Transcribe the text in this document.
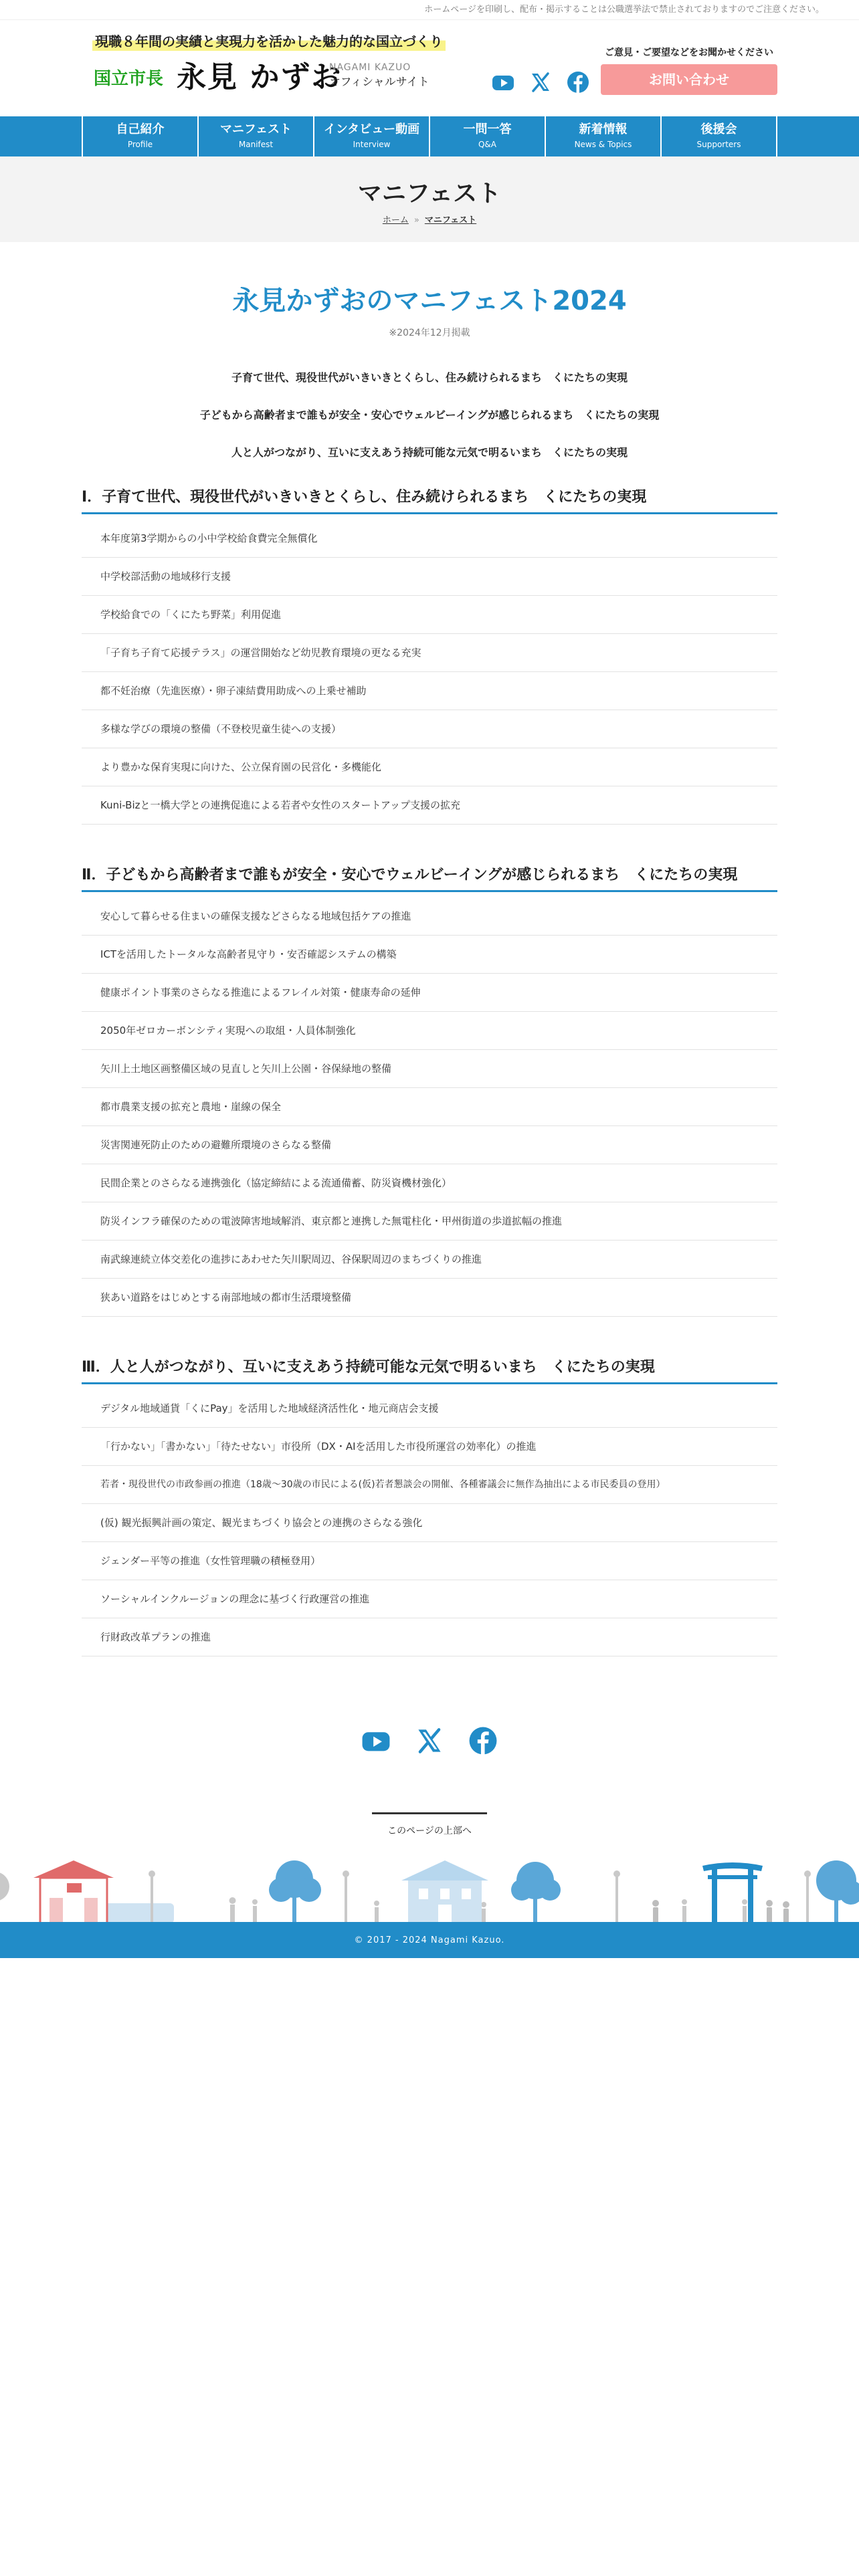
ホームページを印刷し、配布・掲示することは公職選挙法で禁止されておりますのでご注意ください。
現職８年間の実績と実現力を活かした魅力的な国立づくり
国立市長 永見 かずお
NAGAMI KAZUO
オフィシャルサイト
ご意見・ご要望などをお聞かせください
お問い合わせ
自己紹介
Profile
マニフェスト
Manifest
インタビュー動画
Interview
一問一答
Q&A
新着情報
News & Topics
後援会
Supporters
マニフェスト
ホーム » マニフェスト
永見かずおのマニフェスト2024
※2024年12月掲載

子育て世代、現役世代がいきいきとくらし、住み続けられるまち　くにたちの実現

子どもから高齢者まで誰もが安全・安心でウェルビーイングが感じられるまち　くにたちの実現

人と人がつながり、互いに支えあう持続可能な元気で明るいまち　くにたちの実現

Ⅰ．子育て世代、現役世代がいきいきとくらし、住み続けられるまち　くにたちの実現
本年度第3学期からの小中学校給食費完全無償化
中学校部活動の地域移行支援
学校給食での「くにたち野菜」利用促進
「子育ち子育て応援テラス」の運営開始など幼児教育環境の更なる充実
都不妊治療（先進医療）・卵子凍結費用助成への上乗せ補助
多様な学びの環境の整備（不登校児童生徒への支援）
より豊かな保育実現に向けた、公立保育園の民営化・多機能化
Kuni-Bizと一橋大学との連携促進による若者や女性のスタートアップ支援の拡充
Ⅱ．子どもから高齢者まで誰もが安全・安心でウェルビーイングが感じられるまち　くにたちの実現
安心して暮らせる住まいの確保支援などさらなる地域包括ケアの推進
ICTを活用したトータルな高齢者見守り・安否確認システムの構築
健康ポイント事業のさらなる推進によるフレイル対策・健康寿命の延伸
2050年ゼロカーボンシティ実現への取組・人員体制強化
矢川上土地区画整備区域の見直しと矢川上公園・谷保緑地の整備
都市農業支援の拡充と農地・崖線の保全
災害関連死防止のための避難所環境のさらなる整備
民間企業とのさらなる連携強化（協定締結による流通備蓄、防災資機材強化）
防災インフラ確保のための電波障害地域解消、東京都と連携した無電柱化・甲州街道の歩道拡幅の推進
南武線連続立体交差化の進捗にあわせた矢川駅周辺、谷保駅周辺のまちづくりの推進
狭あい道路をはじめとする南部地域の都市生活環境整備
Ⅲ．人と人がつながり、互いに支えあう持続可能な元気で明るいまち　くにたちの実現
デジタル地域通貨「くにPay」を活用した地域経済活性化・地元商店会支援
「行かない」「書かない」「待たせない」市役所（DX・AIを活用した市役所運営の効率化）の推進
若者・現役世代の市政参画の推進（18歳〜30歳の市民による(仮)若者懇談会の開催、各種審議会に無作為抽出による市民委員の登用）
(仮) 観光振興計画の策定、観光まちづくり協会との連携のさらなる強化
ジェンダー平等の推進（女性管理職の積極登用）
ソーシャルインクルージョンの理念に基づく行政運営の推進
行財政改革プランの推進
このページの上部へ
© 2017 - 2024 Nagami Kazuo.
